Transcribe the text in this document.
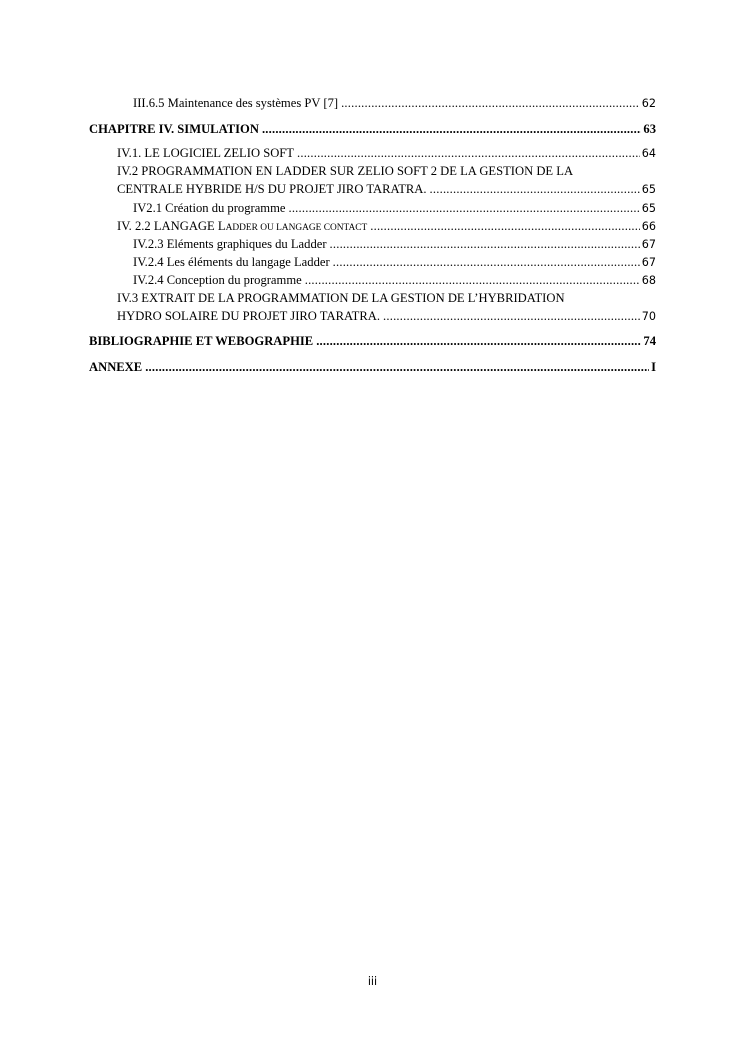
III.6.5 Maintenance des systèmes PV [7] .....	62
CHAPITRE IV. SIMULATION .....	63
IV.1. LE LOGICIEL ZELIO SOFT .....	64
IV.2 PROGRAMMATION EN LADDER SUR ZELIO SOFT 2 DE LA GESTION DE LA
CENTRALE HYBRIDE H/S DU PROJET JIRO TARATRA. .....	65
IV2.1 Création du programme .....	65
IV. 2.2 LANGAGE LADDER OU LANGAGE CONTACT .....	66
IV.2.3 Eléments graphiques du Ladder .....	67
IV.2.4 Les éléments du langage Ladder .....	67
IV.2.4 Conception du programme .....	68
IV.3 EXTRAIT DE LA PROGRAMMATION DE LA GESTION DE L’HYBRIDATION
HYDRO SOLAIRE DU PROJET JIRO TARATRA. .....	70
BIBLIOGRAPHIE ET WEBOGRAPHIE .....	74
ANNEXE .....	I
iii
